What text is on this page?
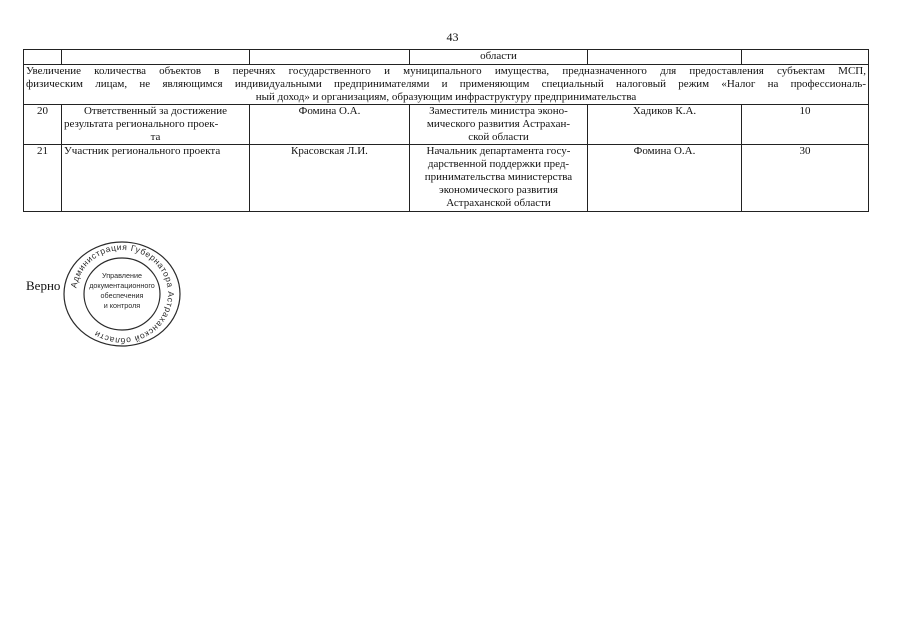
43
			области		

Увеличение количества объектов в перечнях государственного и муниципального имущества, предназначенного для предоставления субъектам МСП,
физическим лицам, не являющимся индивидуальными предпринимателями и применяющим специальный налоговый режим «Налог на профессиональ-
ный доход» и организациям, образующим инфраструктуру предпринимательства					

20	Ответственный за достижение
результата регионального проек-
та	Фомина О.А.	Заместитель министра эконо-
мического развития Астрахан-
ской области	Хадиков К.А.	10
21	Участник регионального проекта	Красовская Л.И.	Начальник департамента госу-
дарственной поддержки пред-
принимательства министерства
экономического развития
Астраханской области	Фомина О.А.	30
Верно Администрация Губернатора Астраханской области
Управление
документационного
обеспечения
и контроля
